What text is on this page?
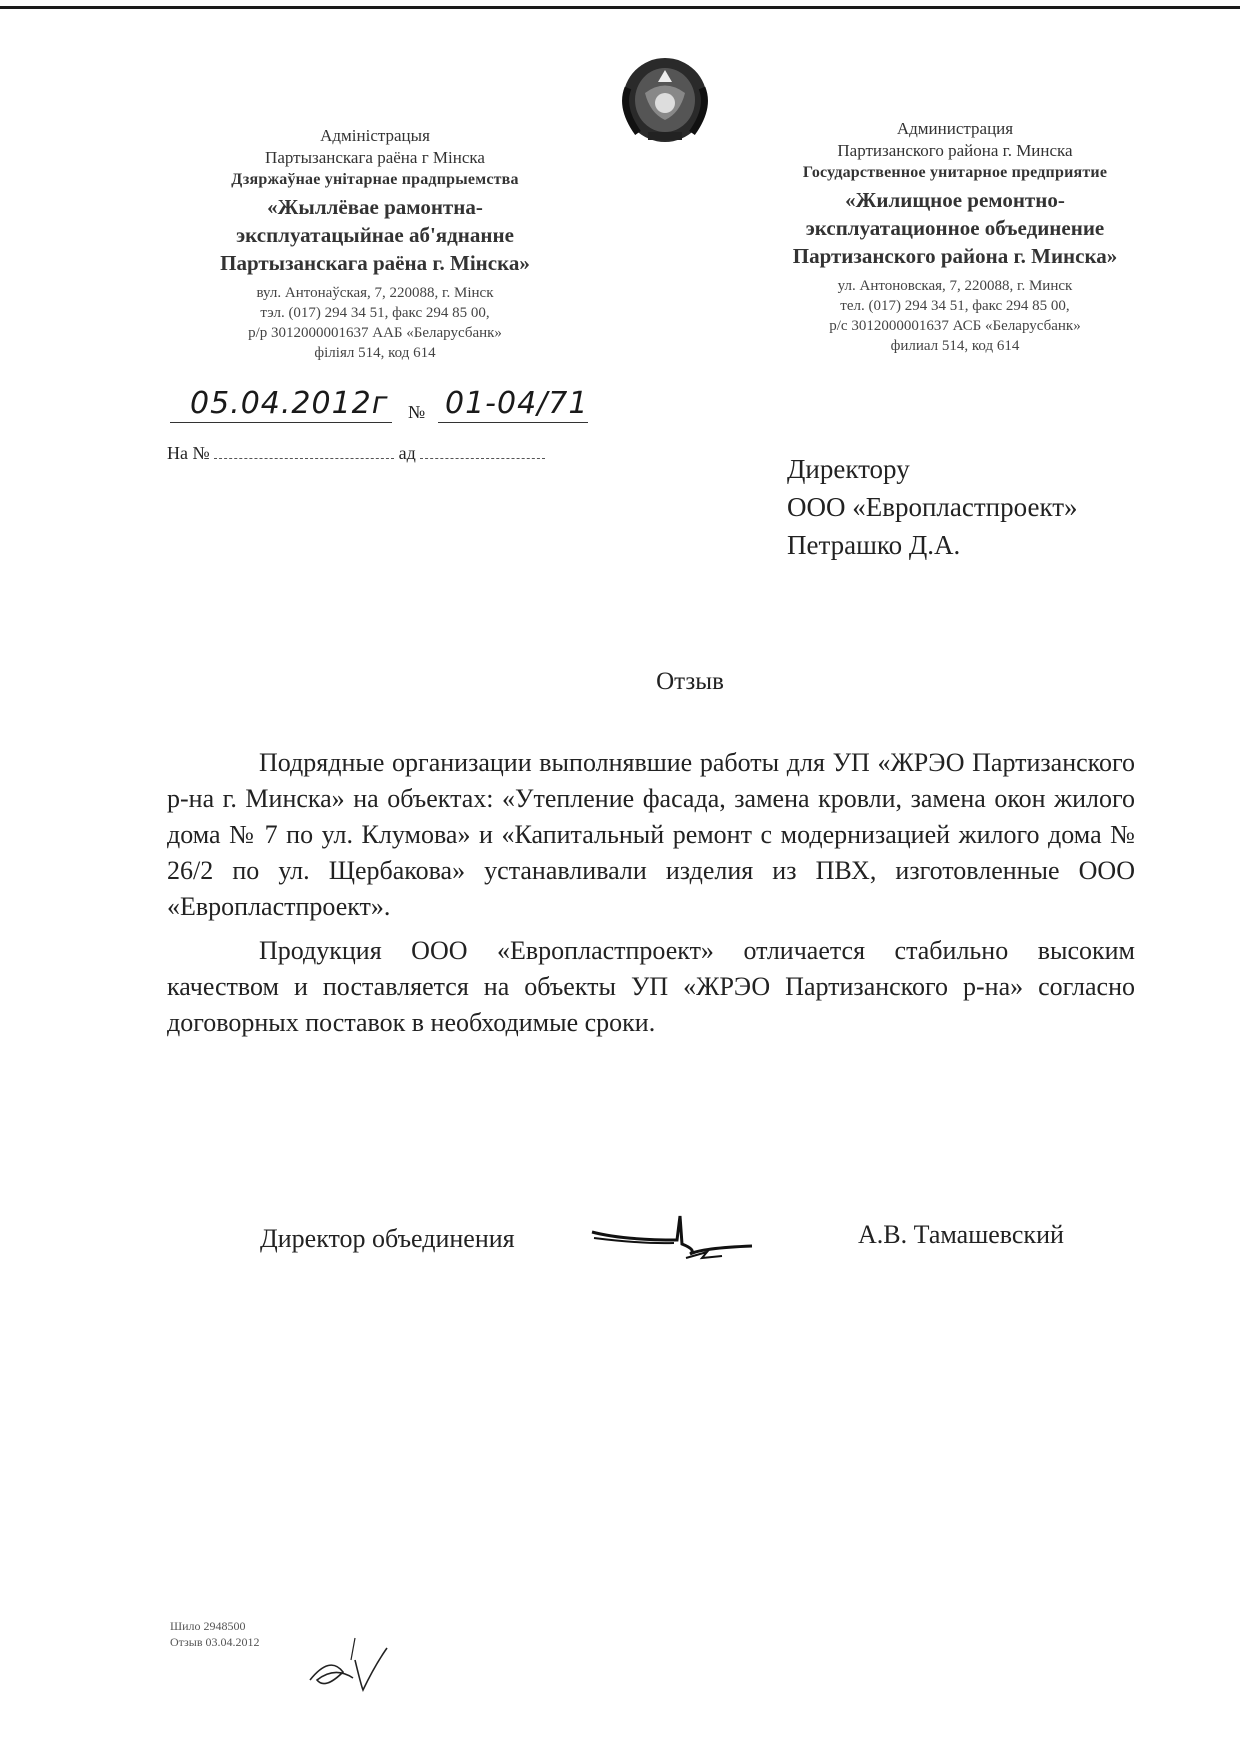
Адміністрацыя
Партызанскага раёна г Мінска
Дзяржаўнае унітарнае прадпрыемства
«Жыллёвае рамонтна-
эксплуатацыйнае аб'яднанне
Партызанскага раёна г. Мінска»
вул. Антонаўская, 7, 220088, г. Мінск
тэл. (017) 294 34 51, факс 294 85 00,
р/р 3012000001637 ААБ «Беларусбанк»
філіял 514, код 614
Администрация
Партизанского района г. Минска
Государственное унитарное предприятие
«Жилищное ремонтно-
эксплуатационное объединение
Партизанского района г. Минска»
ул. Антоновская, 7, 220088, г. Минск
тел. (017) 294 34 51, факс 294 85 00,
р/с 3012000001637 АСБ «Беларусбанк»
филиал 514, код 614
05.04.2012г № 01-04/71
На №	ад
Директору
ООО «Европластпроект»
Петрашко Д.А.
Отзыв

Подрядные организации выполнявшие работы для УП «ЖРЭО Партизанского р-на г. Минска» на объектах: «Утепление фасада, замена кровли, замена окон жилого дома № 7 по ул. Клумова» и «Капитальный ремонт с модернизацией жилого дома № 26/2 по ул. Щербакова» устанавливали изделия из ПВХ, изготовленные ООО «Европластпроект».

Продукция ООО «Европластпроект» отличается стабильно высоким качеством и поставляется на объекты УП «ЖРЭО Партизанского р-на» согласно договорных поставок в необходимые сроки.

Директор объединения	А.В. Тамашевский
Шило 2948500
Отзыв 03.04.2012
